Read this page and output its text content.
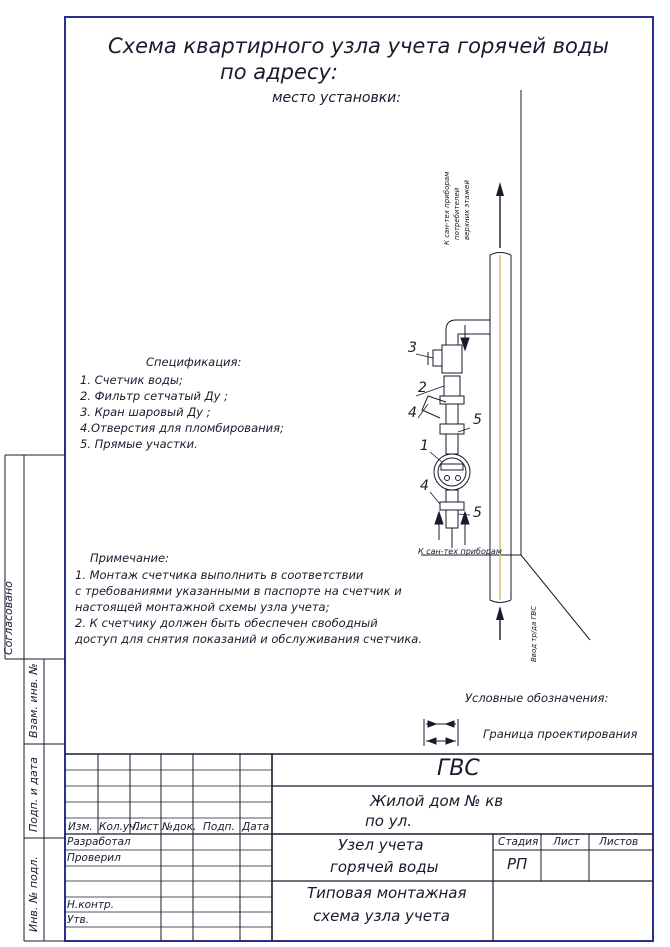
Схема квартирного узла учета горячей воды
по адресу:
место установки:
Спецификация:
1. Счетчик воды;
2. Фильтр сетчатый Ду ;
3. Кран шаровый Ду ;
4.Отверстия для пломбирования;
5. Прямые участки.
Примечание:
1. Монтаж счетчика выполнить в соответствии
с требованиями указанными в паспорте на счетчик и
настоящей монтажной схемы узла учета;
2. К счетчику должен быть обеспечен свободный
доступ для снятия показаний и обслуживания счетчика.
К сан-тех приборам потребителей верхних этажей
К сан-тех приборам
Ввод тр/да ГВС
3
2
4	5
1
4
5
Условные обозначения:
Граница проектирования
Согласовано
Взам. инв. №
Подп. и дата
Инв. № подл.
ГВС
Жилой дом № кв
по ул.
Изм. Кол.уч.
Лист №док. Подп. Дата
Разработал
Проверил
Н.контр.
Утв.
Узел учета
горячей воды
Стадия Лист Листов
РП
Типовая монтажная
схема узла учета
